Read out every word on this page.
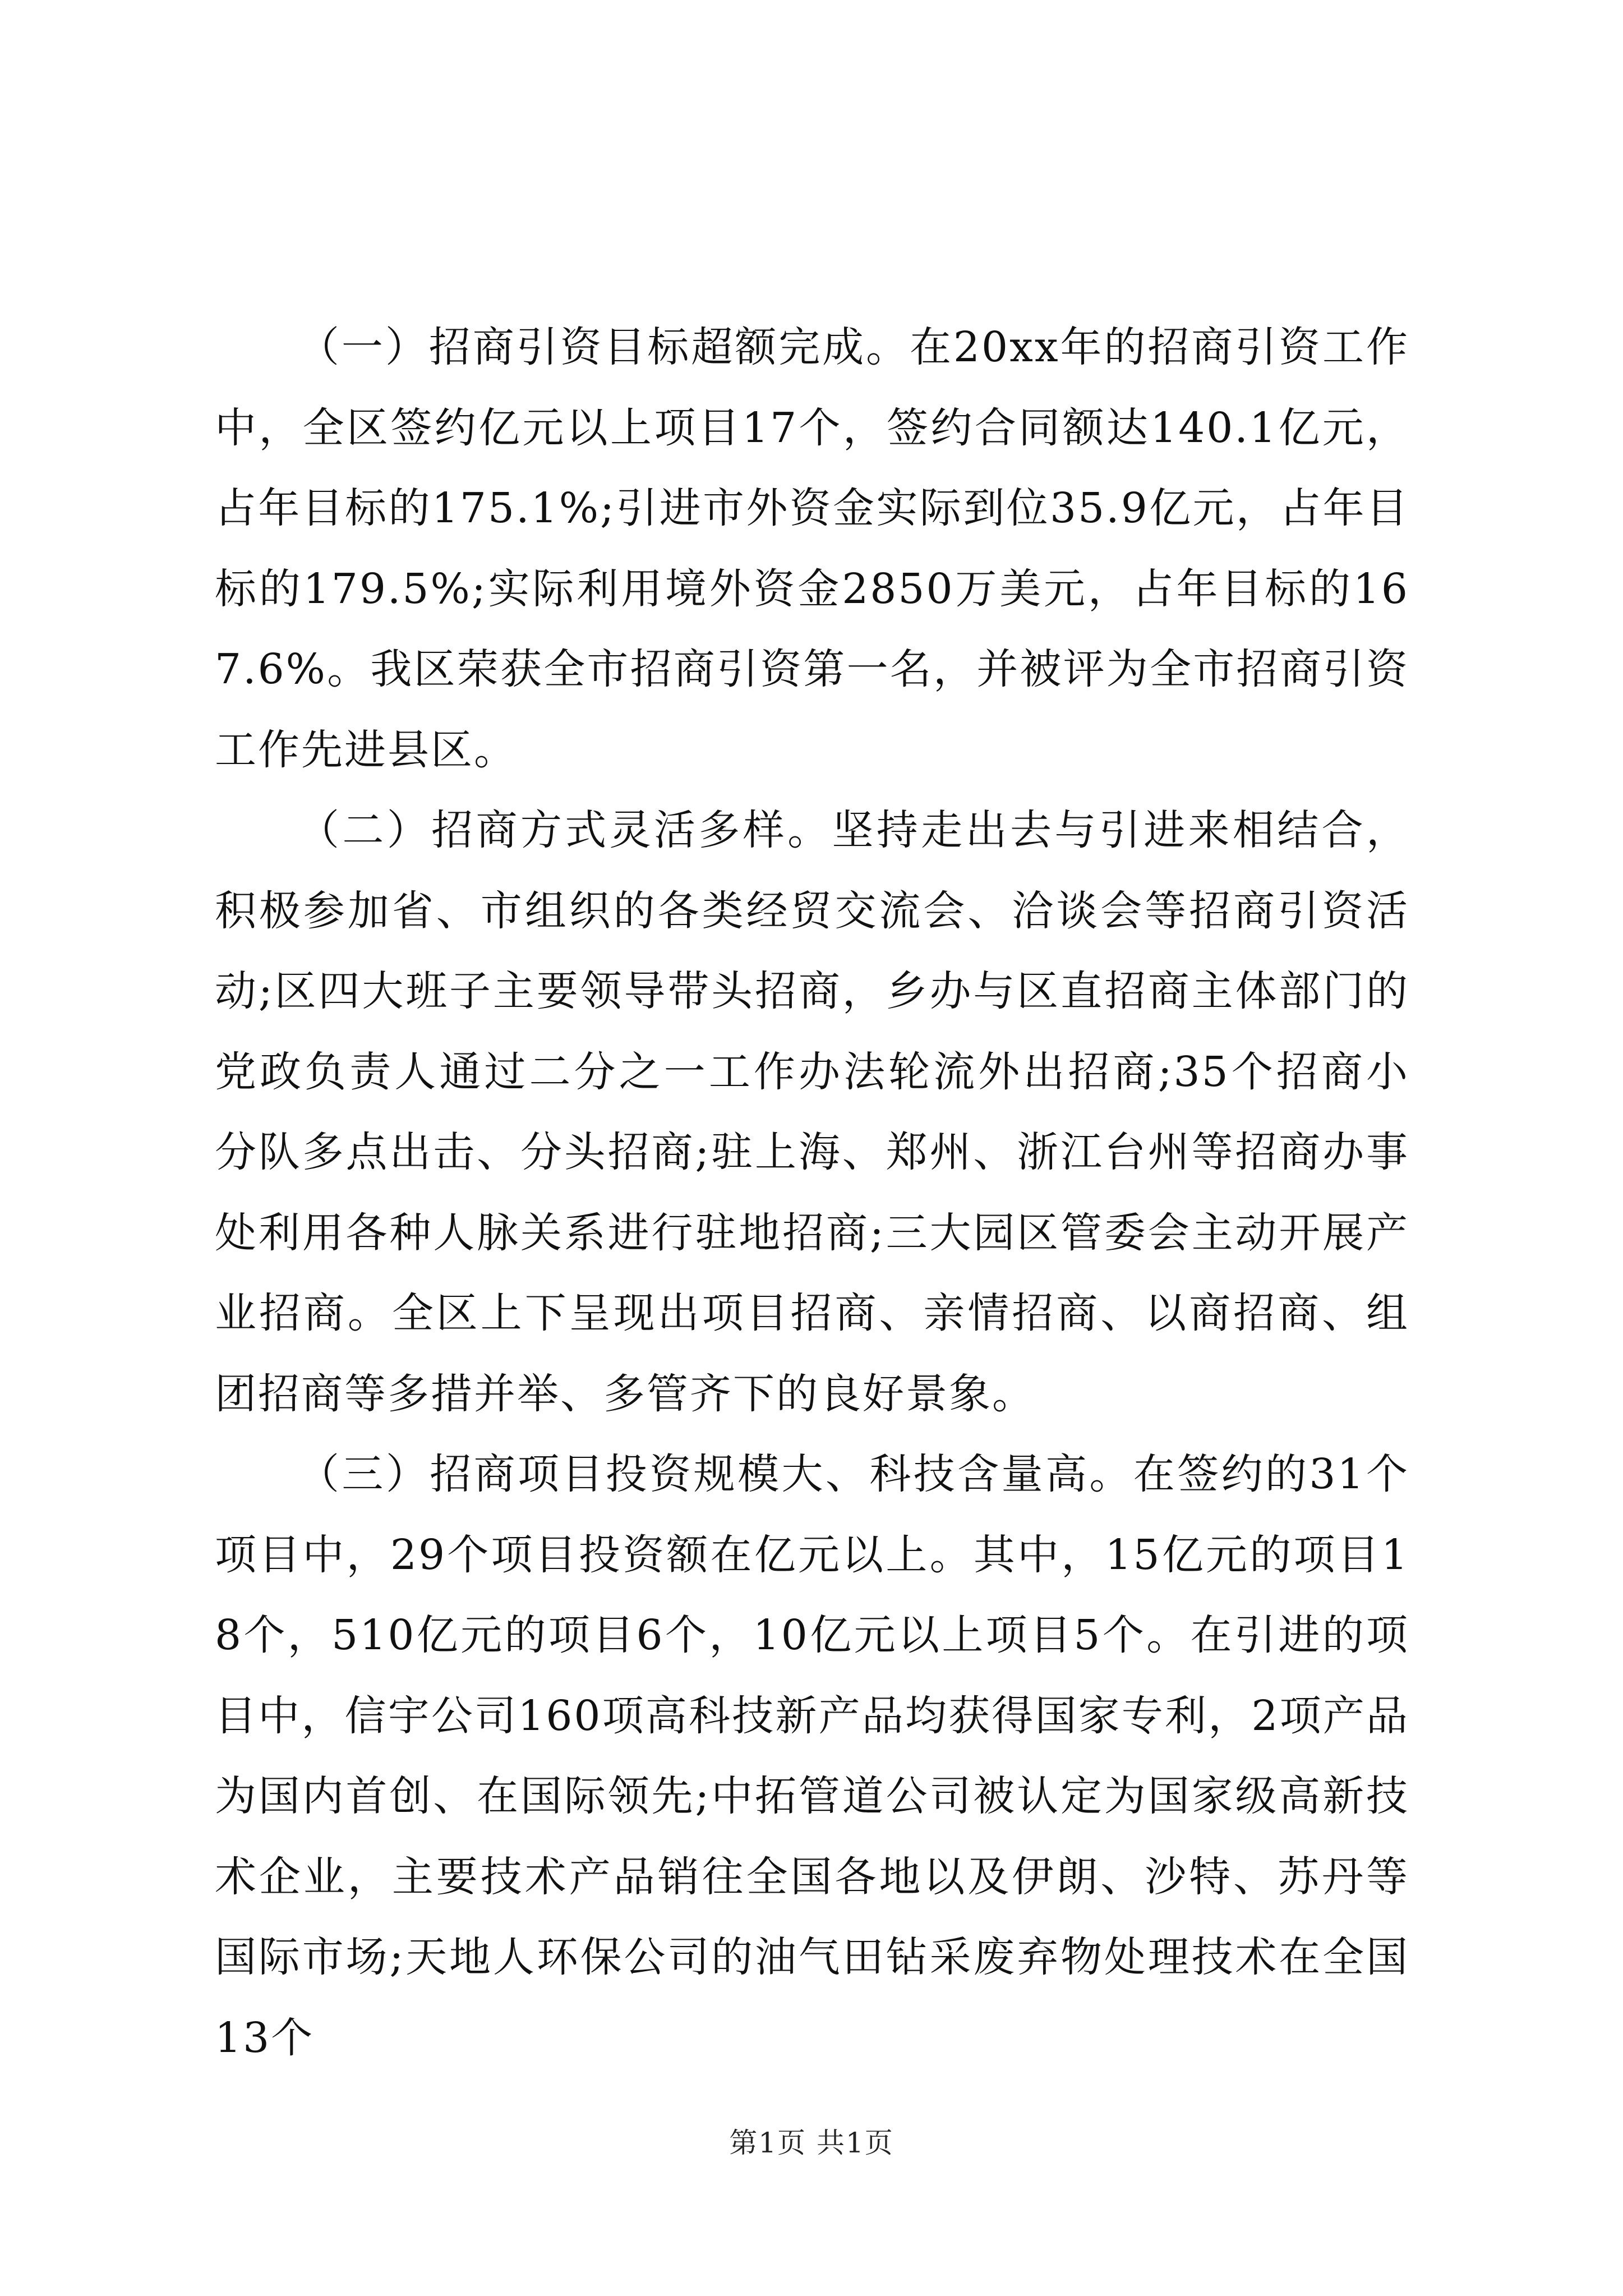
（一）招商引资目标超额完成。在20xx年的招商引资工作中，全区签约亿元以上项目17个，签约合同额达140.1亿元，占年目标的175.1%;引进市外资金实际到位35.9亿元，占年目标的179.5%;实际利用境外资金2850万美元，占年目标的167.6%。我区荣获全市招商引资第一名，并被评为全市招商引资工作先进县区。

（二）招商方式灵活多样。坚持走出去与引进来相结合，积极参加省、市组织的各类经贸交流会、洽谈会等招商引资活动;区四大班子主要领导带头招商，乡办与区直招商主体部门的党政负责人通过二分之一工作办法轮流外出招商;35个招商小分队多点出击、分头招商;驻上海、郑州、浙江台州等招商办事处利用各种人脉关系进行驻地招商;三大园区管委会主动开展产业招商。全区上下呈现出项目招商、亲情招商、以商招商、组团招商等多措并举、多管齐下的良好景象。

（三）招商项目投资规模大、科技含量高。在签约的31个项目中，29个项目投资额在亿元以上。其中，15亿元的项目18个，510亿元的项目6个，10亿元以上项目5个。在引进的项目中，信宇公司160项高科技新产品均获得国家专利，2项产品为国内首创、在国际领先;中拓管道公司被认定为国家级高新技术企业，主要技术产品销往全国各地以及伊朗、沙特、苏丹等国际市场;天地人环保公司的油气田钻采废弃物处理技术在全国13个

第1页 共1页
